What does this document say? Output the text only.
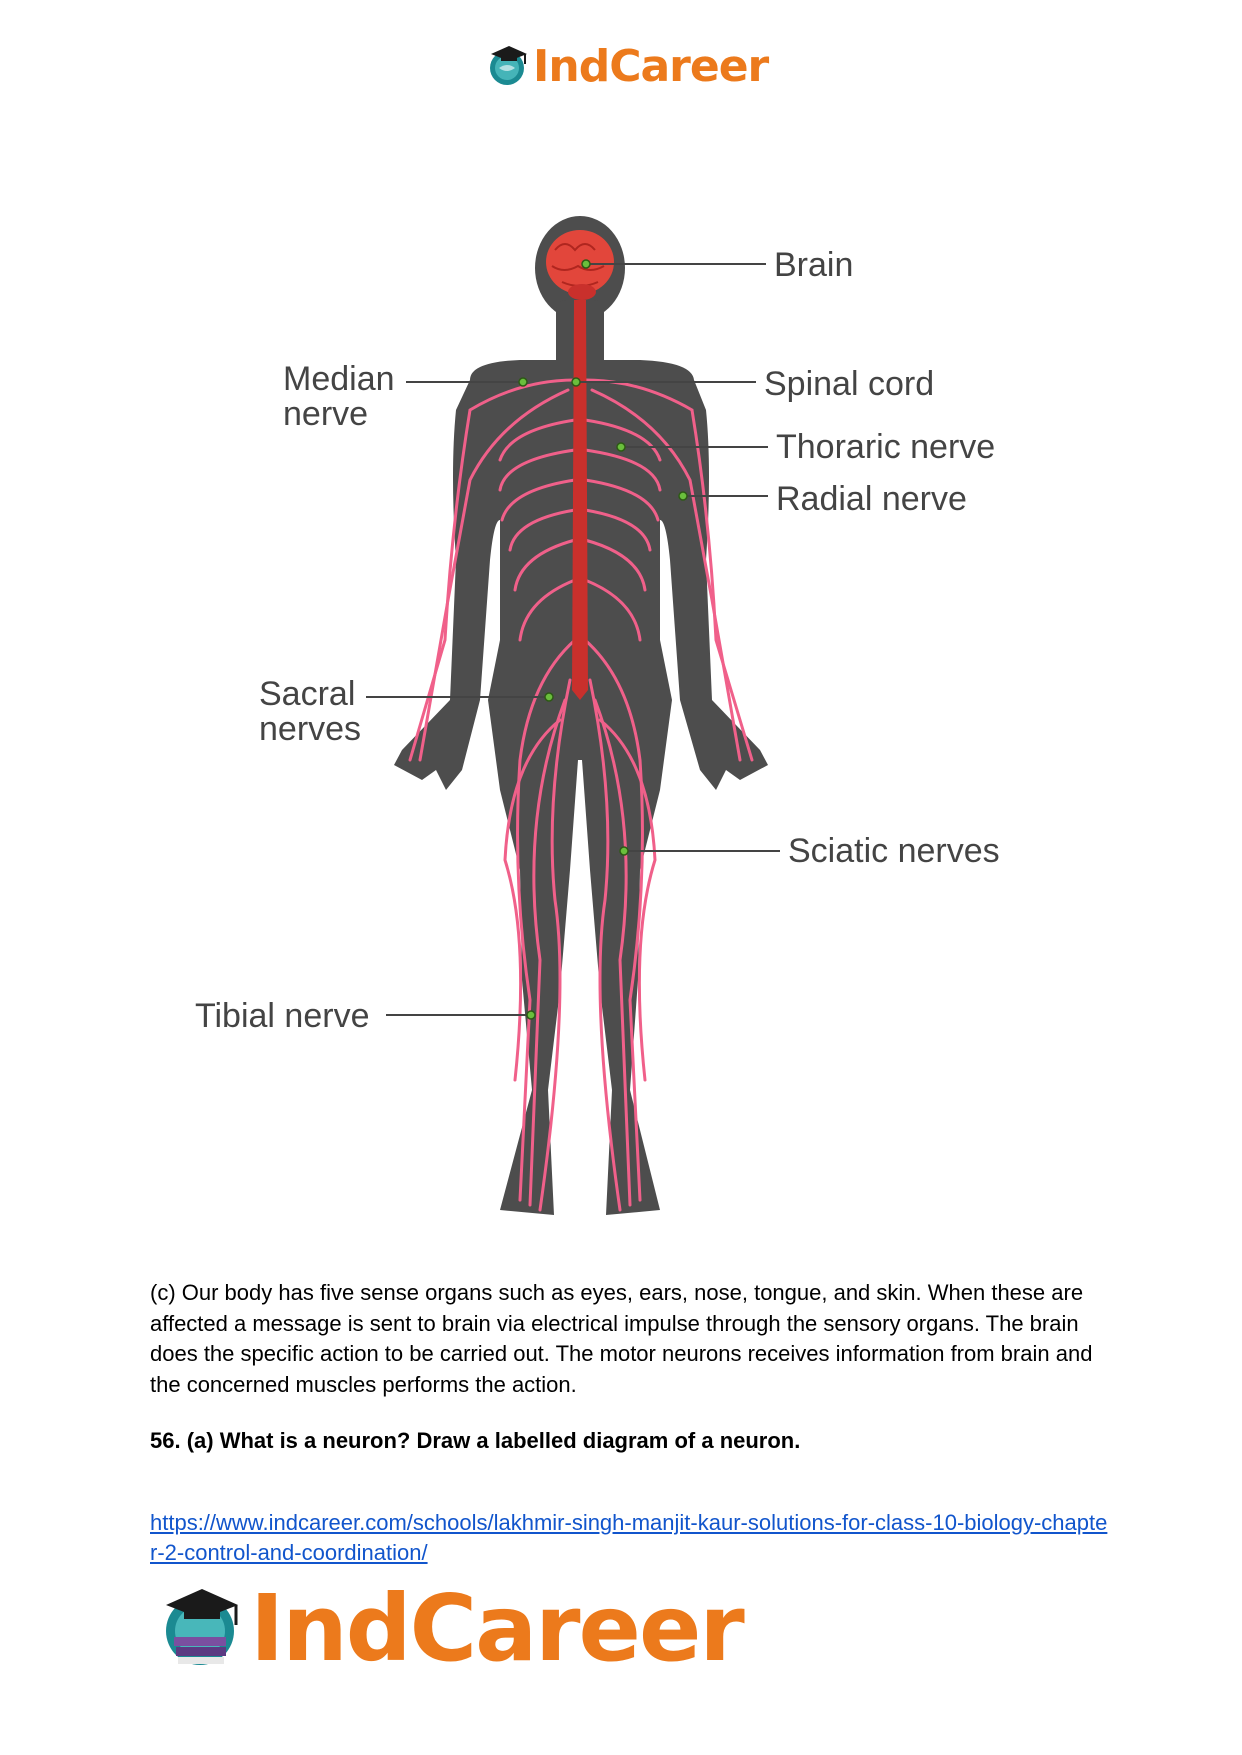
IndCareer
Brain
Median
nerve
Spinal cord
Thoraric nerve
Radial nerve
Sacral
nerves
Sciatic nerves
Tibial nerve

(c) Our body has five sense organs such as eyes, ears, nose, tongue, and skin. When these are affected a message is sent to brain via electrical impulse through the sensory organs. The brain does the specific action to be carried out. The motor neurons receives information from brain and the concerned muscles performs the action.

56. (a) What is a neuron? Draw a labelled diagram of a neuron.

https://www.indcareer.com/schools/lakhmir-singh-manjit-kaur-solutions-for-class-10-biology-chapter-2-control-and-coordination/
IndCareer
